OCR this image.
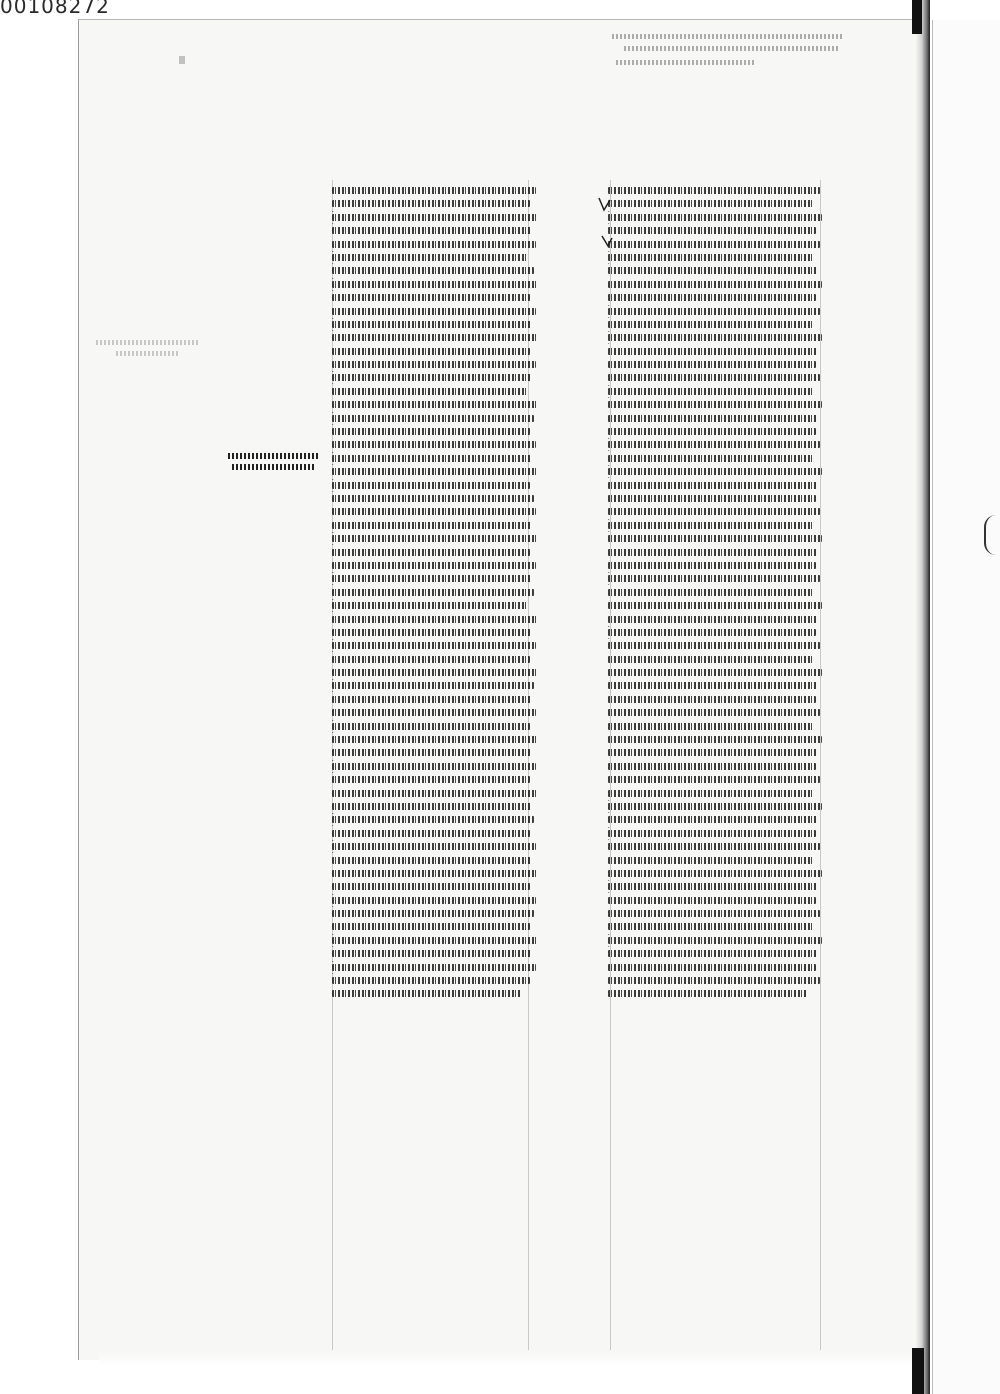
00108272
